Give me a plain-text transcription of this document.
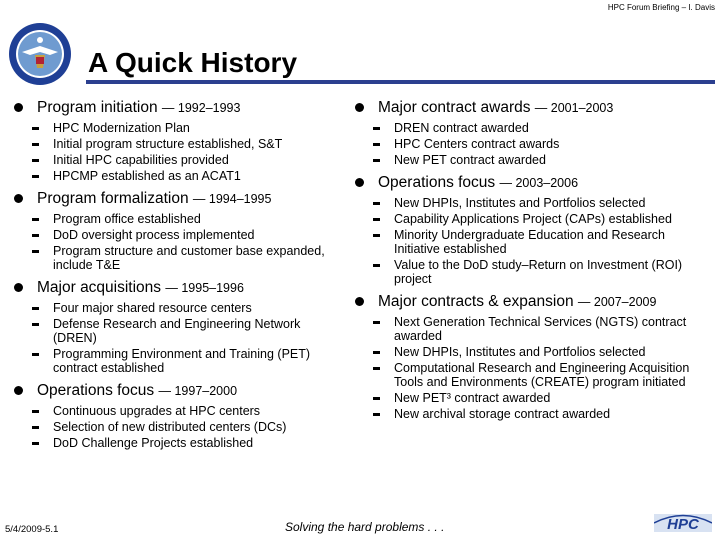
HPC Forum Briefing – I. Davis
A Quick History
Program initiation — 1992–1993
HPC Modernization Plan
Initial program structure established, S&T
Initial HPC capabilities provided
HPCMP established as an ACAT1
Program formalization — 1994–1995
Program office established
DoD oversight process implemented
Program structure and customer base expanded, include T&E
Major acquisitions — 1995–1996
Four major shared resource centers
Defense Research and Engineering Network (DREN)
Programming Environment and Training (PET) contract established
Operations focus — 1997–2000
Continuous upgrades at HPC centers
Selection of new distributed centers (DCs)
DoD Challenge Projects established
Major contract awards — 2001–2003
DREN contract awarded
HPC Centers contract awards
New PET contract awarded
Operations focus — 2003–2006
New DHPIs, Institutes and Portfolios selected
Capability Applications Project (CAPs) established
Minority Undergraduate Education and Research Initiative established
Value to the DoD study–Return on Investment (ROI) project
Major contracts & expansion — 2007–2009
Next Generation Technical Services (NGTS) contract awarded
New DHPIs, Institutes and Portfolios selected
Computational Research and Engineering Acquisition Tools and Environments (CREATE) program initiated
New PET³ contract awarded
New archival storage contract awarded
5/4/2009-5.1	Solving the hard problems . . .	HPC
